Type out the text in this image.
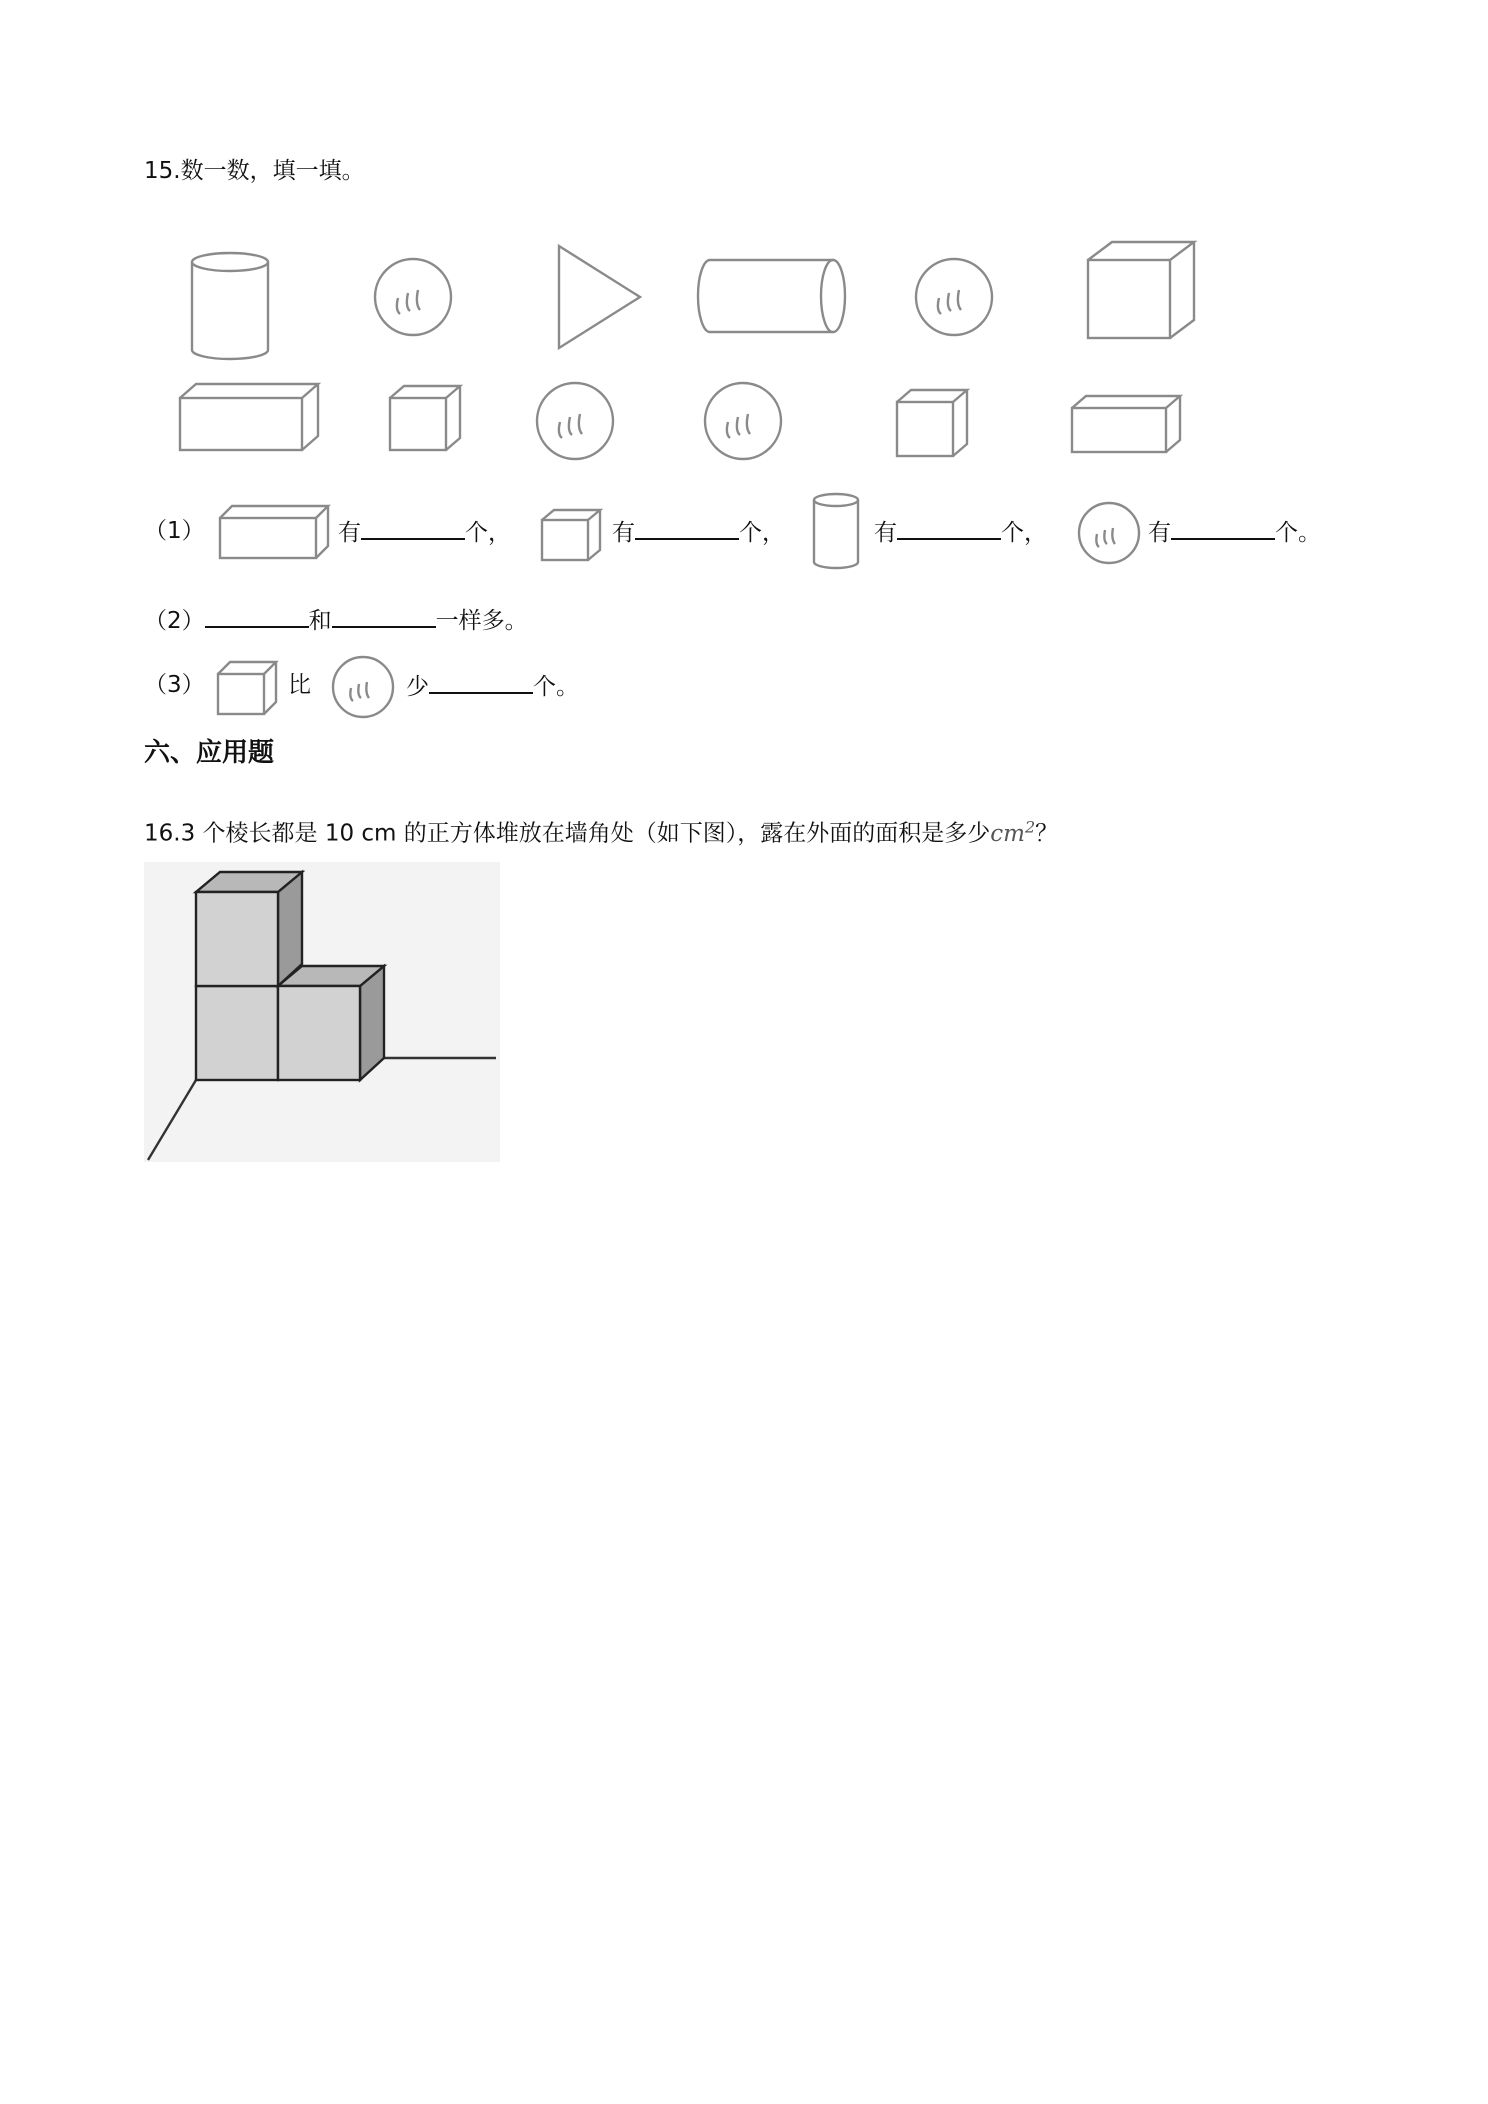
15.数一数，填一填。
（1）	有	个，	有	个，	有	个，	有	个。
（2）	和	一样多。
（3）	比	少	个。
六、应用题
16.3 个棱长都是 10 cm 的正方体堆放在墙角处（如下图），露在外面的面积是多少$cm^2$？
